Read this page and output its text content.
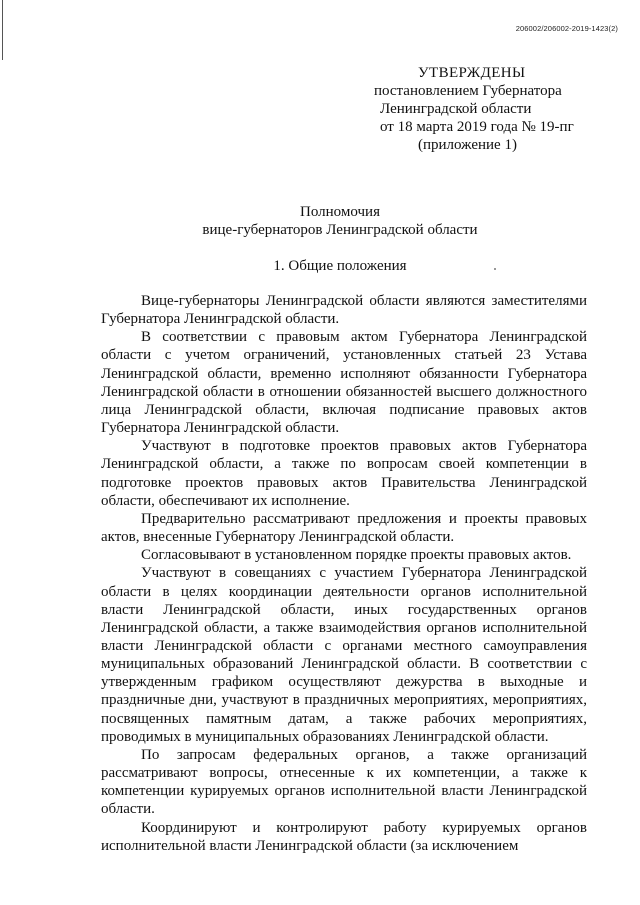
206002/206002-2019-1423(2)
УТВЕРЖДЕНЫ
постановлением Губернатора
Ленинградской области
от 18 марта 2019 года № 19-пг
(приложение 1)
Полномочия
вице-губернаторов Ленинградской области
1. Общие положения

Вице-губернаторы Ленинградской области являются заместителями Губернатора Ленинградской области.

В соответствии с правовым актом Губернатора Ленинградской области с учетом ограничений, установленных статьей 23 Устава Ленинградской области, временно исполняют обязанности Губернатора Ленинградской области в отношении обязанностей высшего должностного лица Ленинградской области, включая подписание правовых актов Губернатора Ленинградской области.

Участвуют в подготовке проектов правовых актов Губернатора Ленинградской области, а также по вопросам своей компетенции в подготовке проектов правовых актов Правительства Ленинградской области, обеспечивают их исполнение.

Предварительно рассматривают предложения и проекты правовых актов, внесенные Губернатору Ленинградской области.

Согласовывают в установленном порядке проекты правовых актов.

Участвуют в совещаниях с участием Губернатора Ленинградской области в целях координации деятельности органов исполнительной власти Ленинградской области, иных государственных органов Ленинградской области, а также взаимодействия органов исполнительной власти Ленинградской области с органами местного самоуправления муниципальных образований Ленинградской области. В соответствии с утвержденным графиком осуществляют дежурства в выходные и праздничные дни, участвуют в праздничных мероприятиях, мероприятиях, посвященных памятным датам, а также рабочих мероприятиях, проводимых в муниципальных образованиях Ленинградской области.

По запросам федеральных органов, а также организаций рассматривают вопросы, отнесенные к их компетенции, а также к компетенции курируемых органов исполнительной власти Ленинградской области.

Координируют и контролируют работу курируемых органов исполнительной власти Ленинградской области (за исключением
